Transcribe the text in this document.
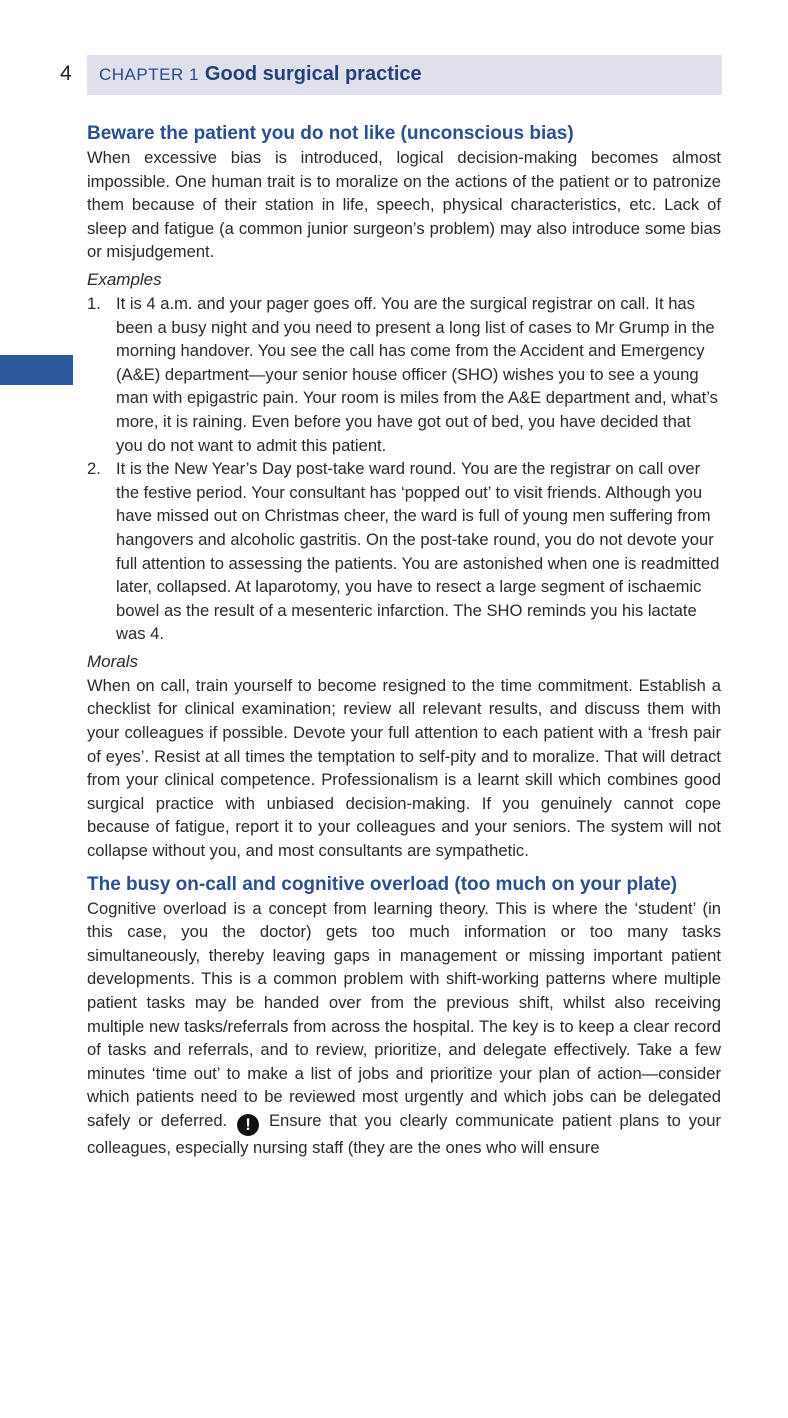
4	CHAPTER 1 Good surgical practice
Beware the patient you do not like (unconscious bias)

When excessive bias is introduced, logical decision-making becomes almost impossible. One human trait is to moralize on the actions of the patient or to patronize them because of their station in life, speech, physical characteristics, etc. Lack of sleep and fatigue (a common junior surgeon’s problem) may also introduce some bias or misjudgement.

Examples

1. It is 4 a.m. and your pager goes off. You are the surgical registrar on call. It has been a busy night and you need to present a long list of cases to Mr Grump in the morning handover. You see the call has come from the Accident and Emergency (A&E) department—your senior house officer (SHO) wishes you to see a young man with epigastric pain. Your room is miles from the A&E department and, what’s more, it is raining. Even before you have got out of bed, you have decided that you do not want to admit this patient.
2. It is the New Year’s Day post-take ward round. You are the registrar on call over the festive period. Your consultant has ‘popped out’ to visit friends. Although you have missed out on Christmas cheer, the ward is full of young men suffering from hangovers and alcoholic gastritis. On the post-take round, you do not devote your full attention to assessing the patients. You are astonished when one is readmitted later, collapsed. At laparotomy, you have to resect a large segment of ischaemic bowel as the result of a mesenteric infarction. The SHO reminds you his lactate was 4.

Morals

When on call, train yourself to become resigned to the time commitment. Establish a checklist for clinical examination; review all relevant results, and discuss them with your colleagues if possible. Devote your full attention to each patient with a ‘fresh pair of eyes’. Resist at all times the temptation to self-pity and to moralize. That will detract from your clinical competence. Professionalism is a learnt skill which combines good surgical practice with unbiased decision-making. If you genuinely cannot cope because of fatigue, report it to your colleagues and your seniors. The system will not collapse without you, and most consultants are sympathetic.

The busy on-call and cognitive overload (too much on your plate)

Cognitive overload is a concept from learning theory. This is where the ‘student’ (in this case, you the doctor) gets too much information or too many tasks simultaneously, thereby leaving gaps in management or missing important patient developments. This is a common problem with shift-working patterns where multiple patient tasks may be handed over from the previous shift, whilst also receiving multiple new tasks/referrals from across the hospital. The key is to keep a clear record of tasks and referrals, and to review, prioritize, and delegate effectively. Take a few minutes ‘time out’ to make a list of jobs and prioritize your plan of action—consider which patients need to be reviewed most urgently and which jobs can be delegated safely or deferred. ! Ensure that you clearly communicate patient plans to your colleagues, especially nursing staff (they are the ones who will ensure
